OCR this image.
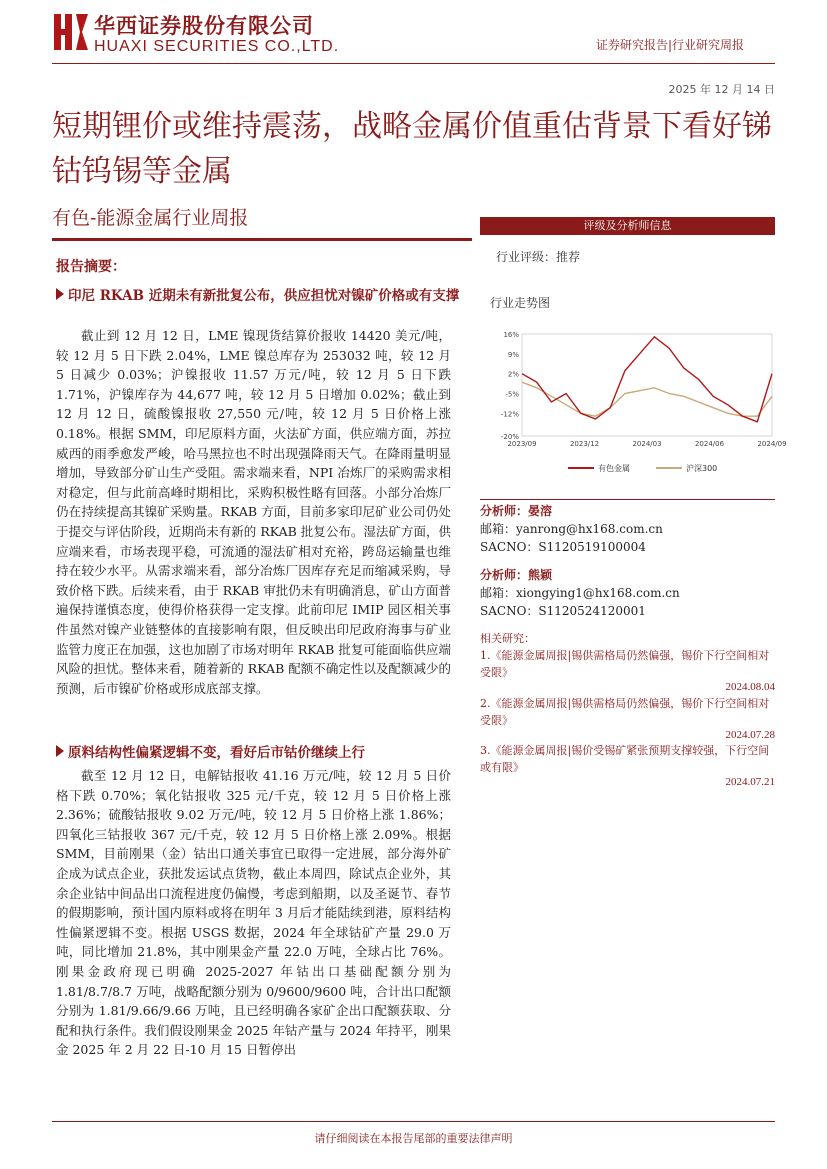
华西证券股份有限公司
HUAXI SECURITIES CO.,LTD.	证券研究报告|行业研究周报
2025 年 12 月 14 日
短期锂价或维持震荡，战略金属价值重估背景下看好锑钴钨锡等金属
有色-能源金属行业周报
报告摘要：
印尼 RKAB 近期未有新批复公布，供应担忧对镍矿价格或有支撑

截止到 12 月 12 日，LME 镍现货结算价报收 14420 美元/吨，较 12 月 5 日下跌 2.04%，LME 镍总库存为 253032 吨，较 12 月 5 日减少 0.03%；沪镍报收 11.57 万元/吨，较 12 月 5 日下跌 1.71%，沪镍库存为 44,677 吨，较 12 月 5 日增加 0.02%；截止到 12 月 12 日，硫酸镍报收 27,550 元/吨，较 12 月 5 日价格上涨 0.18%。根据 SMM，印尼原料方面，火法矿方面，供应端方面，苏拉威西的雨季愈发严峻，哈马黑拉也不时出现强降雨天气。在降雨量明显增加，导致部分矿山生产受阻。需求端来看，NPI 冶炼厂的采购需求相对稳定，但与此前高峰时期相比，采购积极性略有回落。小部分冶炼厂仍在持续提高其镍矿采购量。RKAB 方面，目前多家印尼矿业公司仍处于提交与评估阶段，近期尚未有新的 RKAB 批复公布。湿法矿方面，供应端来看，市场表现平稳，可流通的湿法矿相对充裕，跨岛运输量也维持在较少水平。从需求端来看，部分冶炼厂因库存充足而缩减采购，导致价格下跌。后续来看，由于 RKAB 审批仍未有明确消息，矿山方面普遍保持谨慎态度，使得价格获得一定支撑。此前印尼 IMIP 园区相关事件虽然对镍产业链整体的直接影响有限，但反映出印尼政府海事与矿业监管力度正在加强，这也加剧了市场对明年 RKAB 批复可能面临供应端风险的担忧。整体来看，随着新的 RKAB 配额不确定性以及配额减少的预测，后市镍矿价格或形成底部支撑。

原料结构性偏紧逻辑不变，看好后市钴价继续上行

截至 12 月 12 日，电解钴报收 41.16 万元/吨，较 12 月 5 日价格下跌 0.70%；氧化钴报收 325 元/千克，较 12 月 5 日价格上涨 2.36%；硫酸钴报收 9.02 万元/吨，较 12 月 5 日价格上涨 1.86%；四氧化三钴报收 367 元/千克，较 12 月 5 日价格上涨 2.09%。根据 SMM，目前刚果（金）钴出口通关事宜已取得一定进展，部分海外矿企成为试点企业，获批发运试点货物，截止本周四，除试点企业外，其余企业钴中间品出口流程进度仍偏慢，考虑到船期，以及圣诞节、春节的假期影响，预计国内原料或将在明年 3 月后才能陆续到港，原料结构性偏紧逻辑不变。根据 USGS 数据，2024 年全球钴矿产量 29.0 万吨，同比增加 21.8%，其中刚果金产量 22.0 万吨，全球占比 76%。刚果金政府现已明确 2025-2027 年钴出口基础配额分别为 1.81/8.7/8.7 万吨，战略配额分别为 0/9600/9600 吨，合计出口配额分别为 1.81/9.66/9.66 万吨，且已经明确各家矿企出口配额获取、分配和执行条件。我们假设刚果金 2025 年钴产量与 2024 年持平，刚果金 2025 年 2 月 22 日-10 月 15 日暂停出

评级及分析师信息
行业评级：推荐
行业走势图
16%
9%
2%
-5%
-12%
-20%
2023/09	2023/12	2024/03	2024/06	2024/09
有色金属	沪深300
分析师：晏溶
邮箱：yanrong@hx168.com.cn
SACNO：S1120519100004
分析师：熊颖
邮箱：xiongying1@hx168.com.cn
SACNO：S1120524120001
相关研究：
1.《能源金属周报|锡供需格局仍然偏强，锡价下行空间相对受限》
2024.08.04
2.《能源金属周报|锡供需格局仍然偏强，锡价下行空间相对受限》
2024.07.28
3.《能源金属周报|锡价受锡矿紧张预期支撑较强，下行空间或有限》
2024.07.21
请仔细阅读在本报告尾部的重要法律声明
